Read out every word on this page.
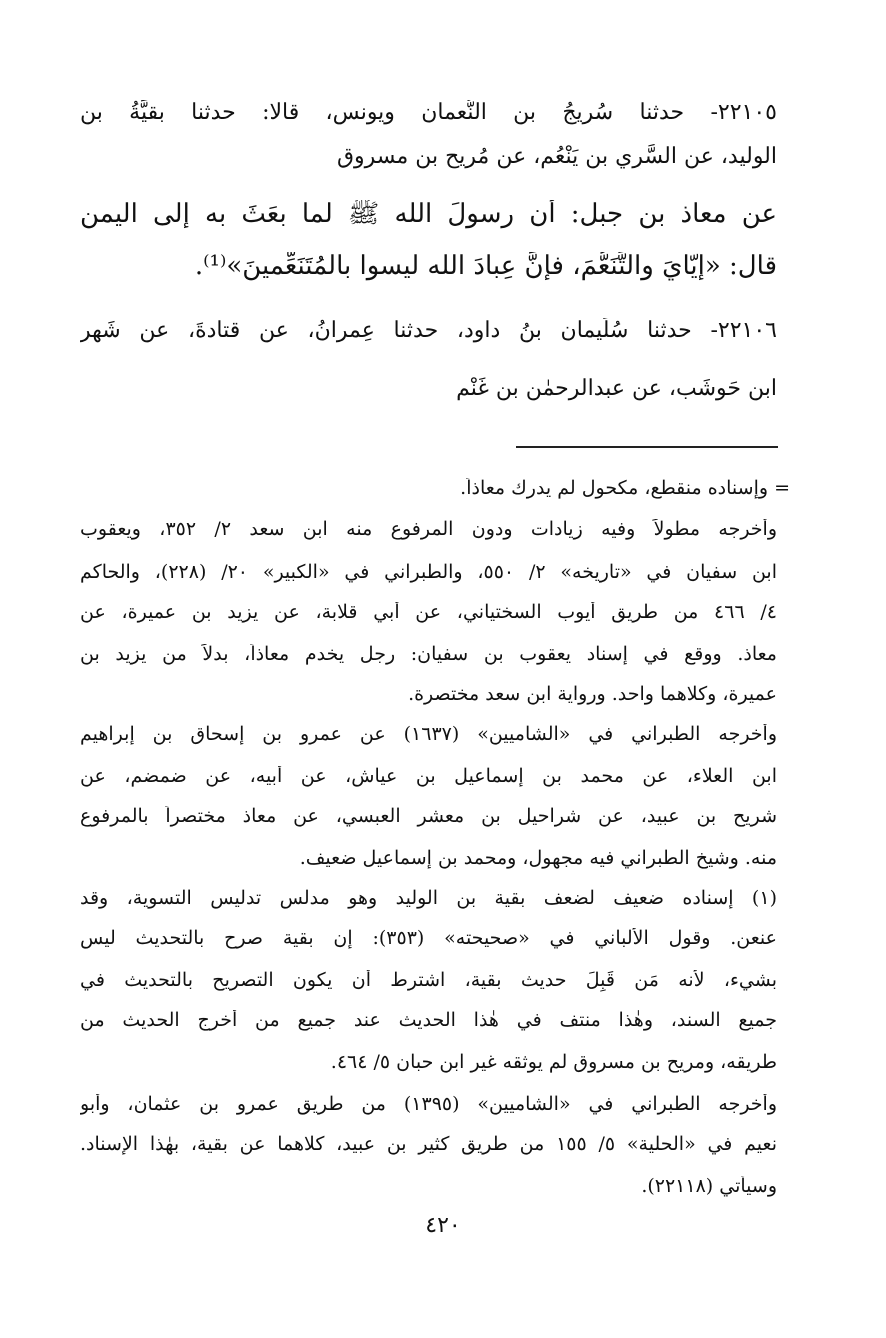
٢٢١٠٥- حدثنا سُرِيجُ بن النُّعمان ويونس، قالا: حدثنا بقيَّةُ بن
الوليد، عن السَّرِي بن يَنْعُم، عن مُرِيح بن مسروق
عن معاذ بن جبل: أن رسولَ الله ﷺ لما بعَثَ به إلى اليمنِ
قال: «إيّايَ والتَّنَعُّمَ، فإنَّ عِبادَ الله ليسوا بالمُتَنَعِّمينَ»⁽¹⁾.
٢٢١٠٦- حدثنا سُلَيمان بنُ داود، حدثنا عِمرانُ، عن قتادةَ، عن شَهرِ
ابن حَوشَب، عن عبدالرحمٰن بن غَنْم
= وإسناده منقطع، مكحول لم يدرك معاذاً.
وأخرجه مطولاً وفيه زيادات ودون المرفوع منه ابن سعد ٢/ ٣٥٢، ويعقوب
ابن سفيان في «تاريخه» ٢/ ٥٥٠، والطبراني في «الكبير» ٢٠/ (٢٢٨)، والحاكم
٤/ ٤٦٦ من طريق أيوب السختياني، عن أبي قلابة، عن يزيد بن عميرة، عن
معاذ. ووقع في إسناد يعقوب بن سفيان: رجل يخدم معاذاً، بدلاً من يزيد بن
عميرة، وكلاهما واحد. ورواية ابن سعد مختصرة.
وأخرجه الطبراني في «الشاميين» (١٦٣٧) عن عمرو بن إسحاق بن إبراهيم
ابن العلاء، عن محمد بن إسماعيل بن عياش، عن أبيه، عن ضمضم، عن
شريح بن عبيد، عن شراحيل بن معشر العبسي، عن معاذ مختصراً بالمرفوع
منه. وشيخ الطبراني فيه مجهول، ومحمد بن إسماعيل ضعيف.
(١) إسناده ضعيف لضعف بقية بن الوليد وهو مدلس تدليس التسوية، وقد
عنعن. وقول الألباني في «صحيحته» (٣٥٣): إن بقية صرح بالتحديث ليس
بشيء، لأنه مَن قَبِلَ حديث بقية، اشترط أن يكون التصريح بالتحديث في
جميع السند، وهٰذا منتف في هٰذا الحديث عند جميع من أخرج الحديث من
طريقه، ومريح بن مسروق لم يوثقه غير ابن حبان ٥/ ٤٦٤.
وأخرجه الطبراني في «الشاميين» (١٣٩٥) من طريق عمرو بن عثمان، وأبو
نعيم في «الحلية» ٥/ ١٥٥ من طريق كثير بن عبيد، كلاهما عن بقية، بهٰذا الإسناد.
وسيأتي (٢٢١١٨).
٤٢٠
